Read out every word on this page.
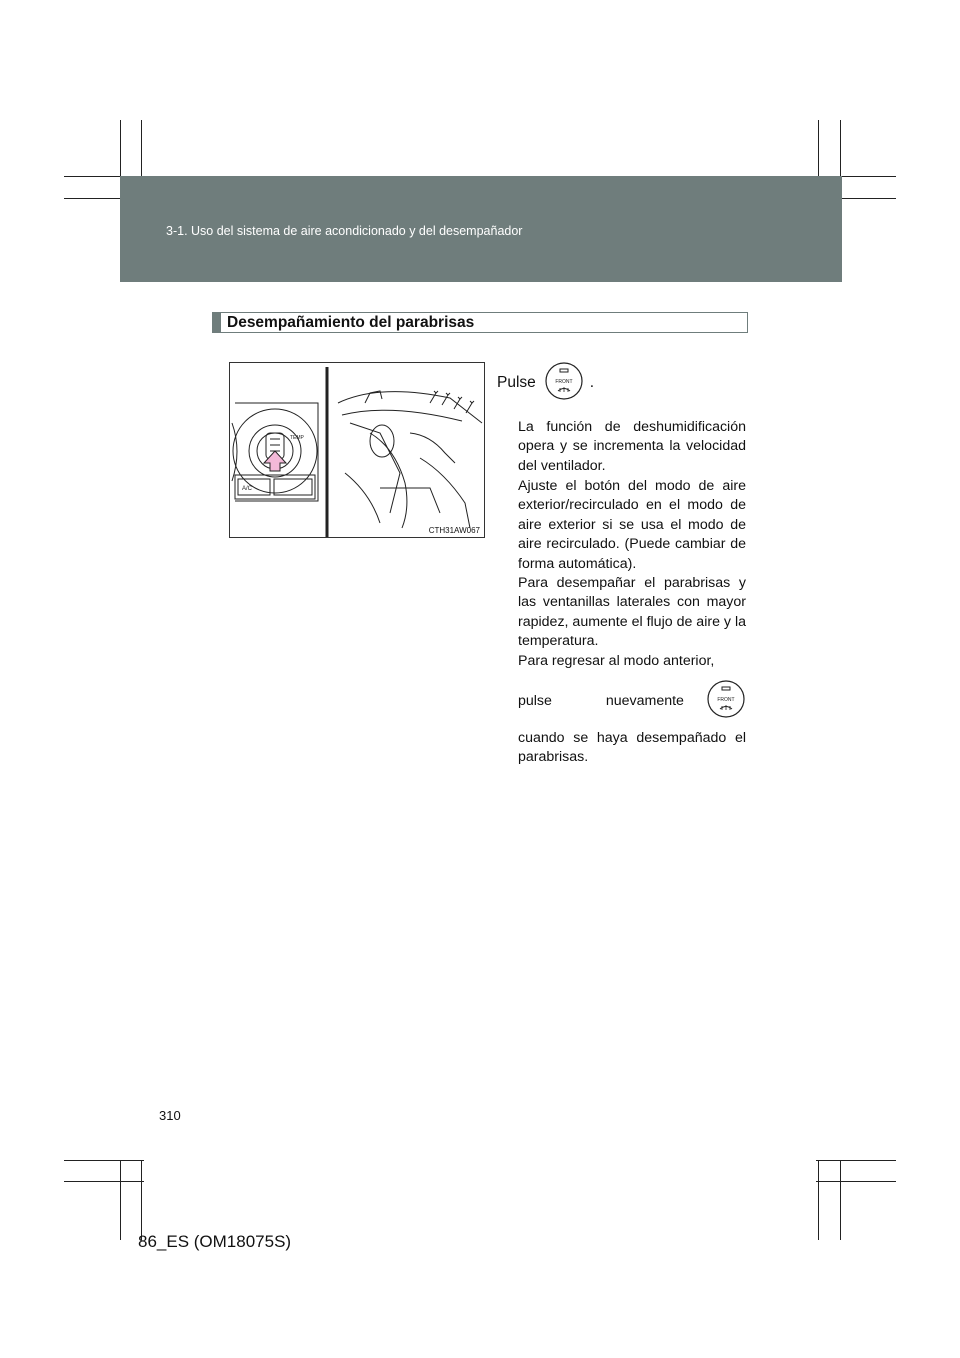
3-1. Uso del sistema de aire acondicionado y del desempañador
Desempañamiento del parabrisas
TEMP
A/C
CTH31AW067
Pulse	FRONT .

La función de deshumidificación opera y se incrementa la velocidad del ventilador.

Ajuste el botón del modo de aire exterior/recirculado en el modo de aire exterior si se usa el modo de aire recirculado. (Puede cambiar de forma automática).

Para desempañar el parabrisas y las ventanillas laterales con mayor rapidez, aumente el flujo de aire y la temperatura.

Para regresar al modo anterior,

pulse nuevamente	FRONT

cuando se haya desempañado el parabrisas.

310
86_ES (OM18075S)
